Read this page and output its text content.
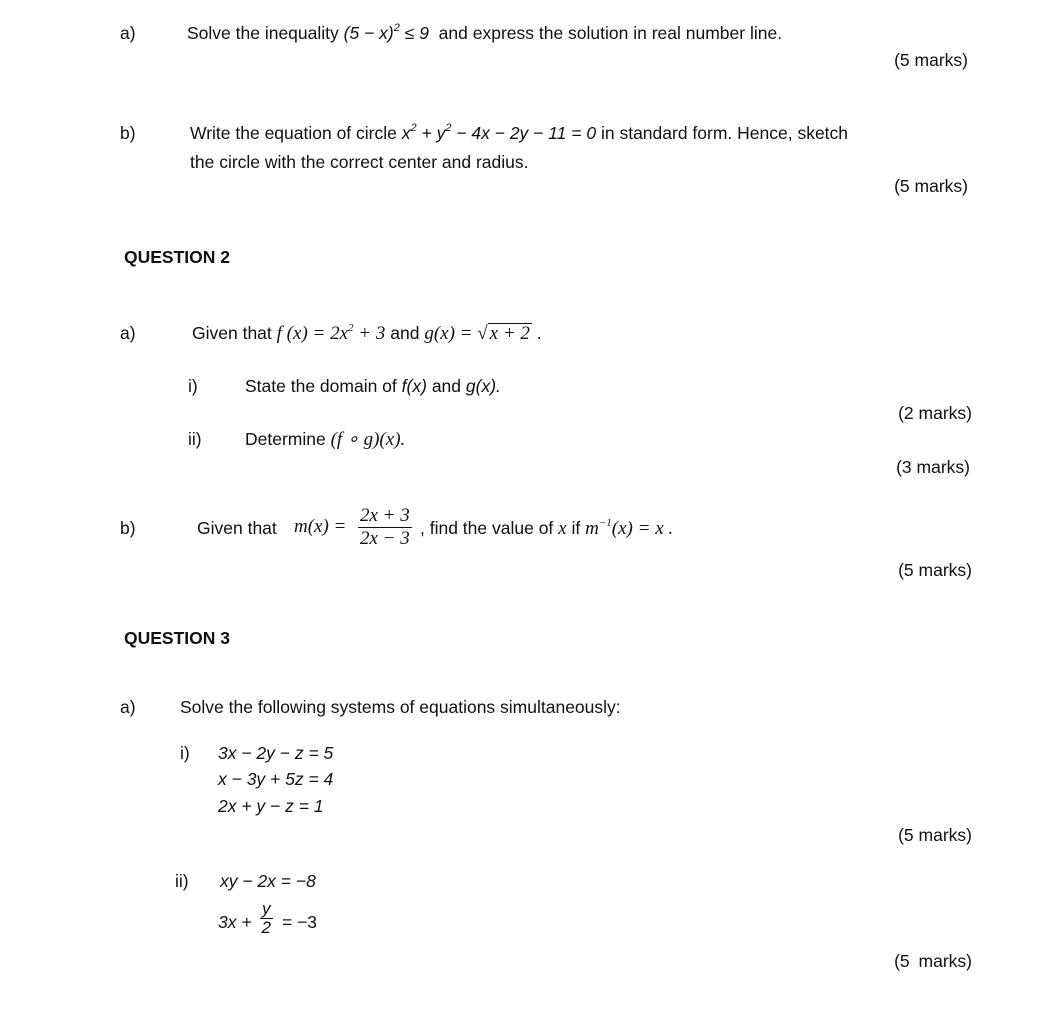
a)	Solve the inequality $(5 - x)^2 \le 9$ and express the solution in real number line.
(5 marks)
b)	Write the equation of circle $x^2 + y^2 - 4x - 2y - 11 = 0$ in standard form. Hence, sketch
the circle with the correct center and radius.
(5 marks)
QUESTION 2
a)	Given that f $(x) = 2x^2 + 3$ and g(x) = √ x + 2 .
i)	State the domain of f(x) and g(x).
(2 marks)
ii) Determine (f ∘ g)(x).
(3 marks)
b)	Given that $m(x) = \frac{2x + 3}{2x - 3}$ , find the value of x if $m^{-1}(x) = x$ .
(5 marks)
QUESTION 3
a)	Solve the following systems of equations simultaneously:
i) 3x − 2y − z = 5
x − 3y + 5z = 4
2x + y − z = 1
(5 marks)
ii) xy − 2x = −8
$3x + \frac{y}{2} = -3$
(5 marks)
